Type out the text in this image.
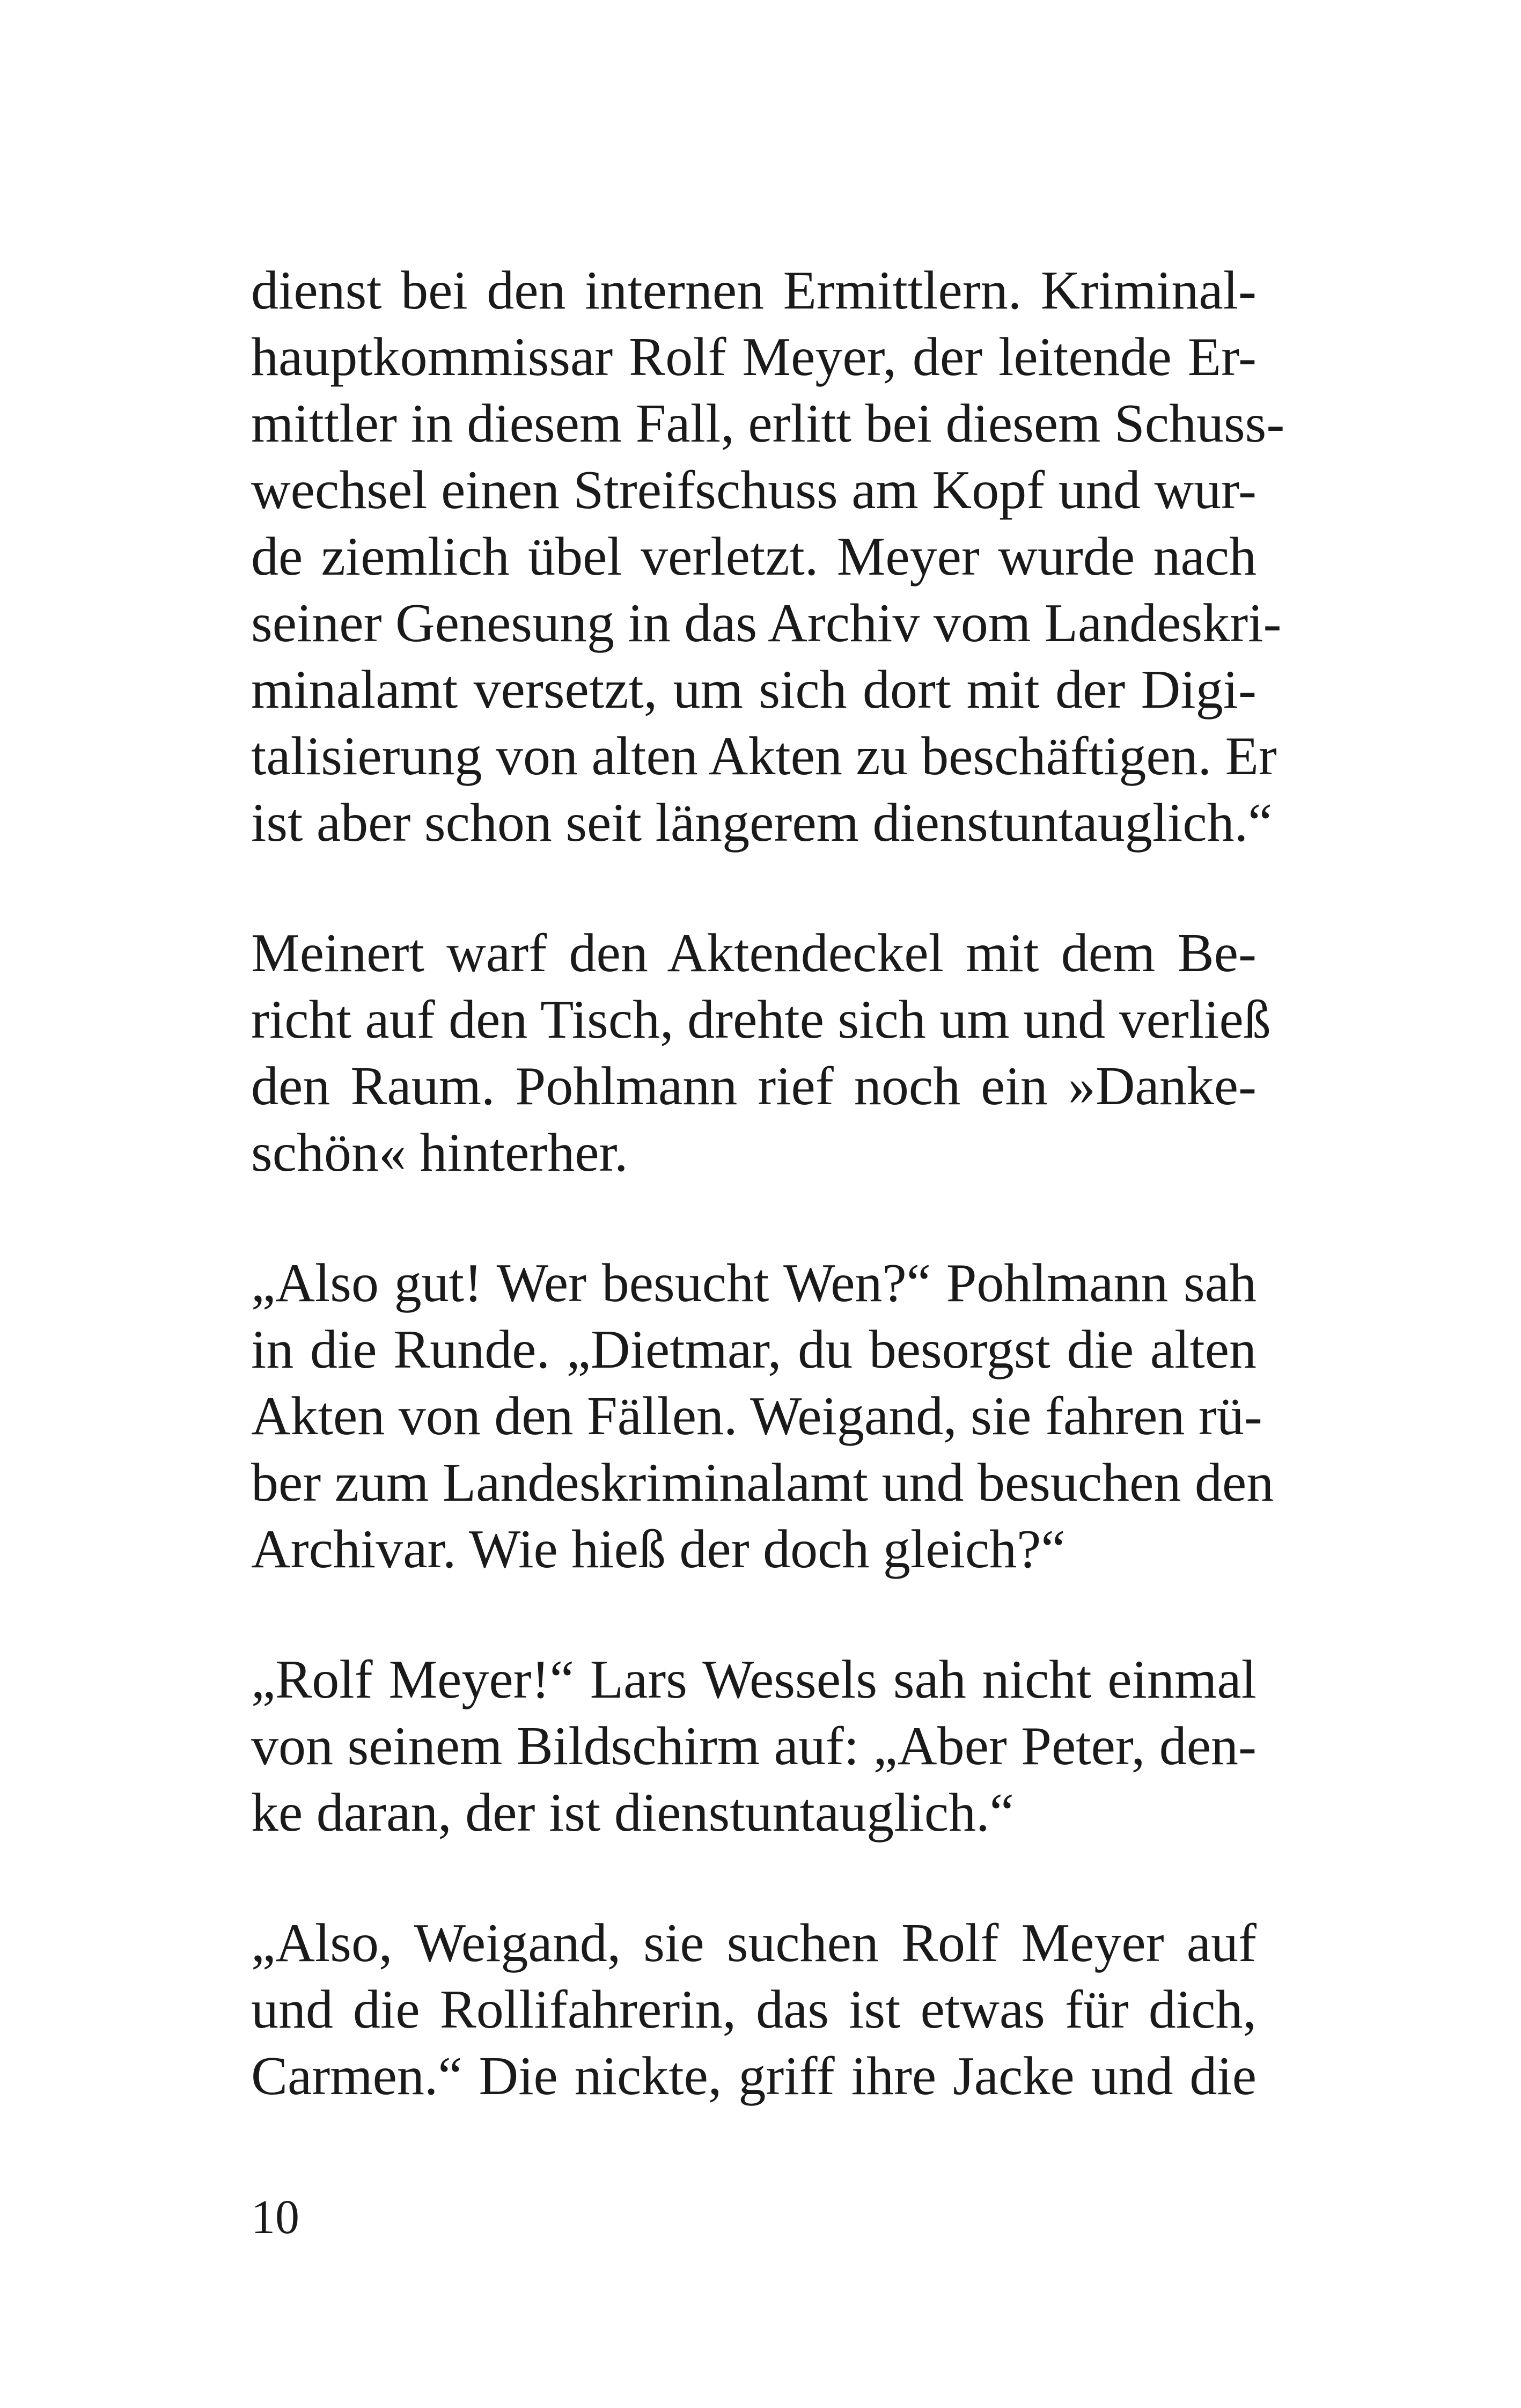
dienst bei den internen Ermittlern. Kriminal-
hauptkommissar Rolf Meyer, der leitende Er-
mittler in diesem Fall, erlitt bei diesem Schuss-
wechsel einen Streifschuss am Kopf und wur-
de ziemlich übel verletzt. Meyer wurde nach
seiner Genesung in das Archiv vom Landeskri-
minalamt versetzt, um sich dort mit der Digi-
talisierung von alten Akten zu beschäftigen. Er
ist aber schon seit längerem dienstuntauglich.“
Meinert warf den Aktendeckel mit dem Be-
richt auf den Tisch, drehte sich um und verließ
den Raum. Pohlmann rief noch ein »Danke-
schön« hinterher.
„Also gut! Wer besucht Wen?“ Pohlmann sah
in die Runde. „Dietmar, du besorgst die alten
Akten von den Fällen. Weigand, sie fahren rü-
ber zum Landeskriminalamt und besuchen den
Archivar. Wie hieß der doch gleich?“
„Rolf Meyer!“ Lars Wessels sah nicht einmal
von seinem Bildschirm auf: „Aber Peter, den-
ke daran, der ist dienstuntauglich.“
„Also, Weigand, sie suchen Rolf Meyer auf
und die Rollifahrerin, das ist etwas für dich,
Carmen.“ Die nickte, griff ihre Jacke und die
10
